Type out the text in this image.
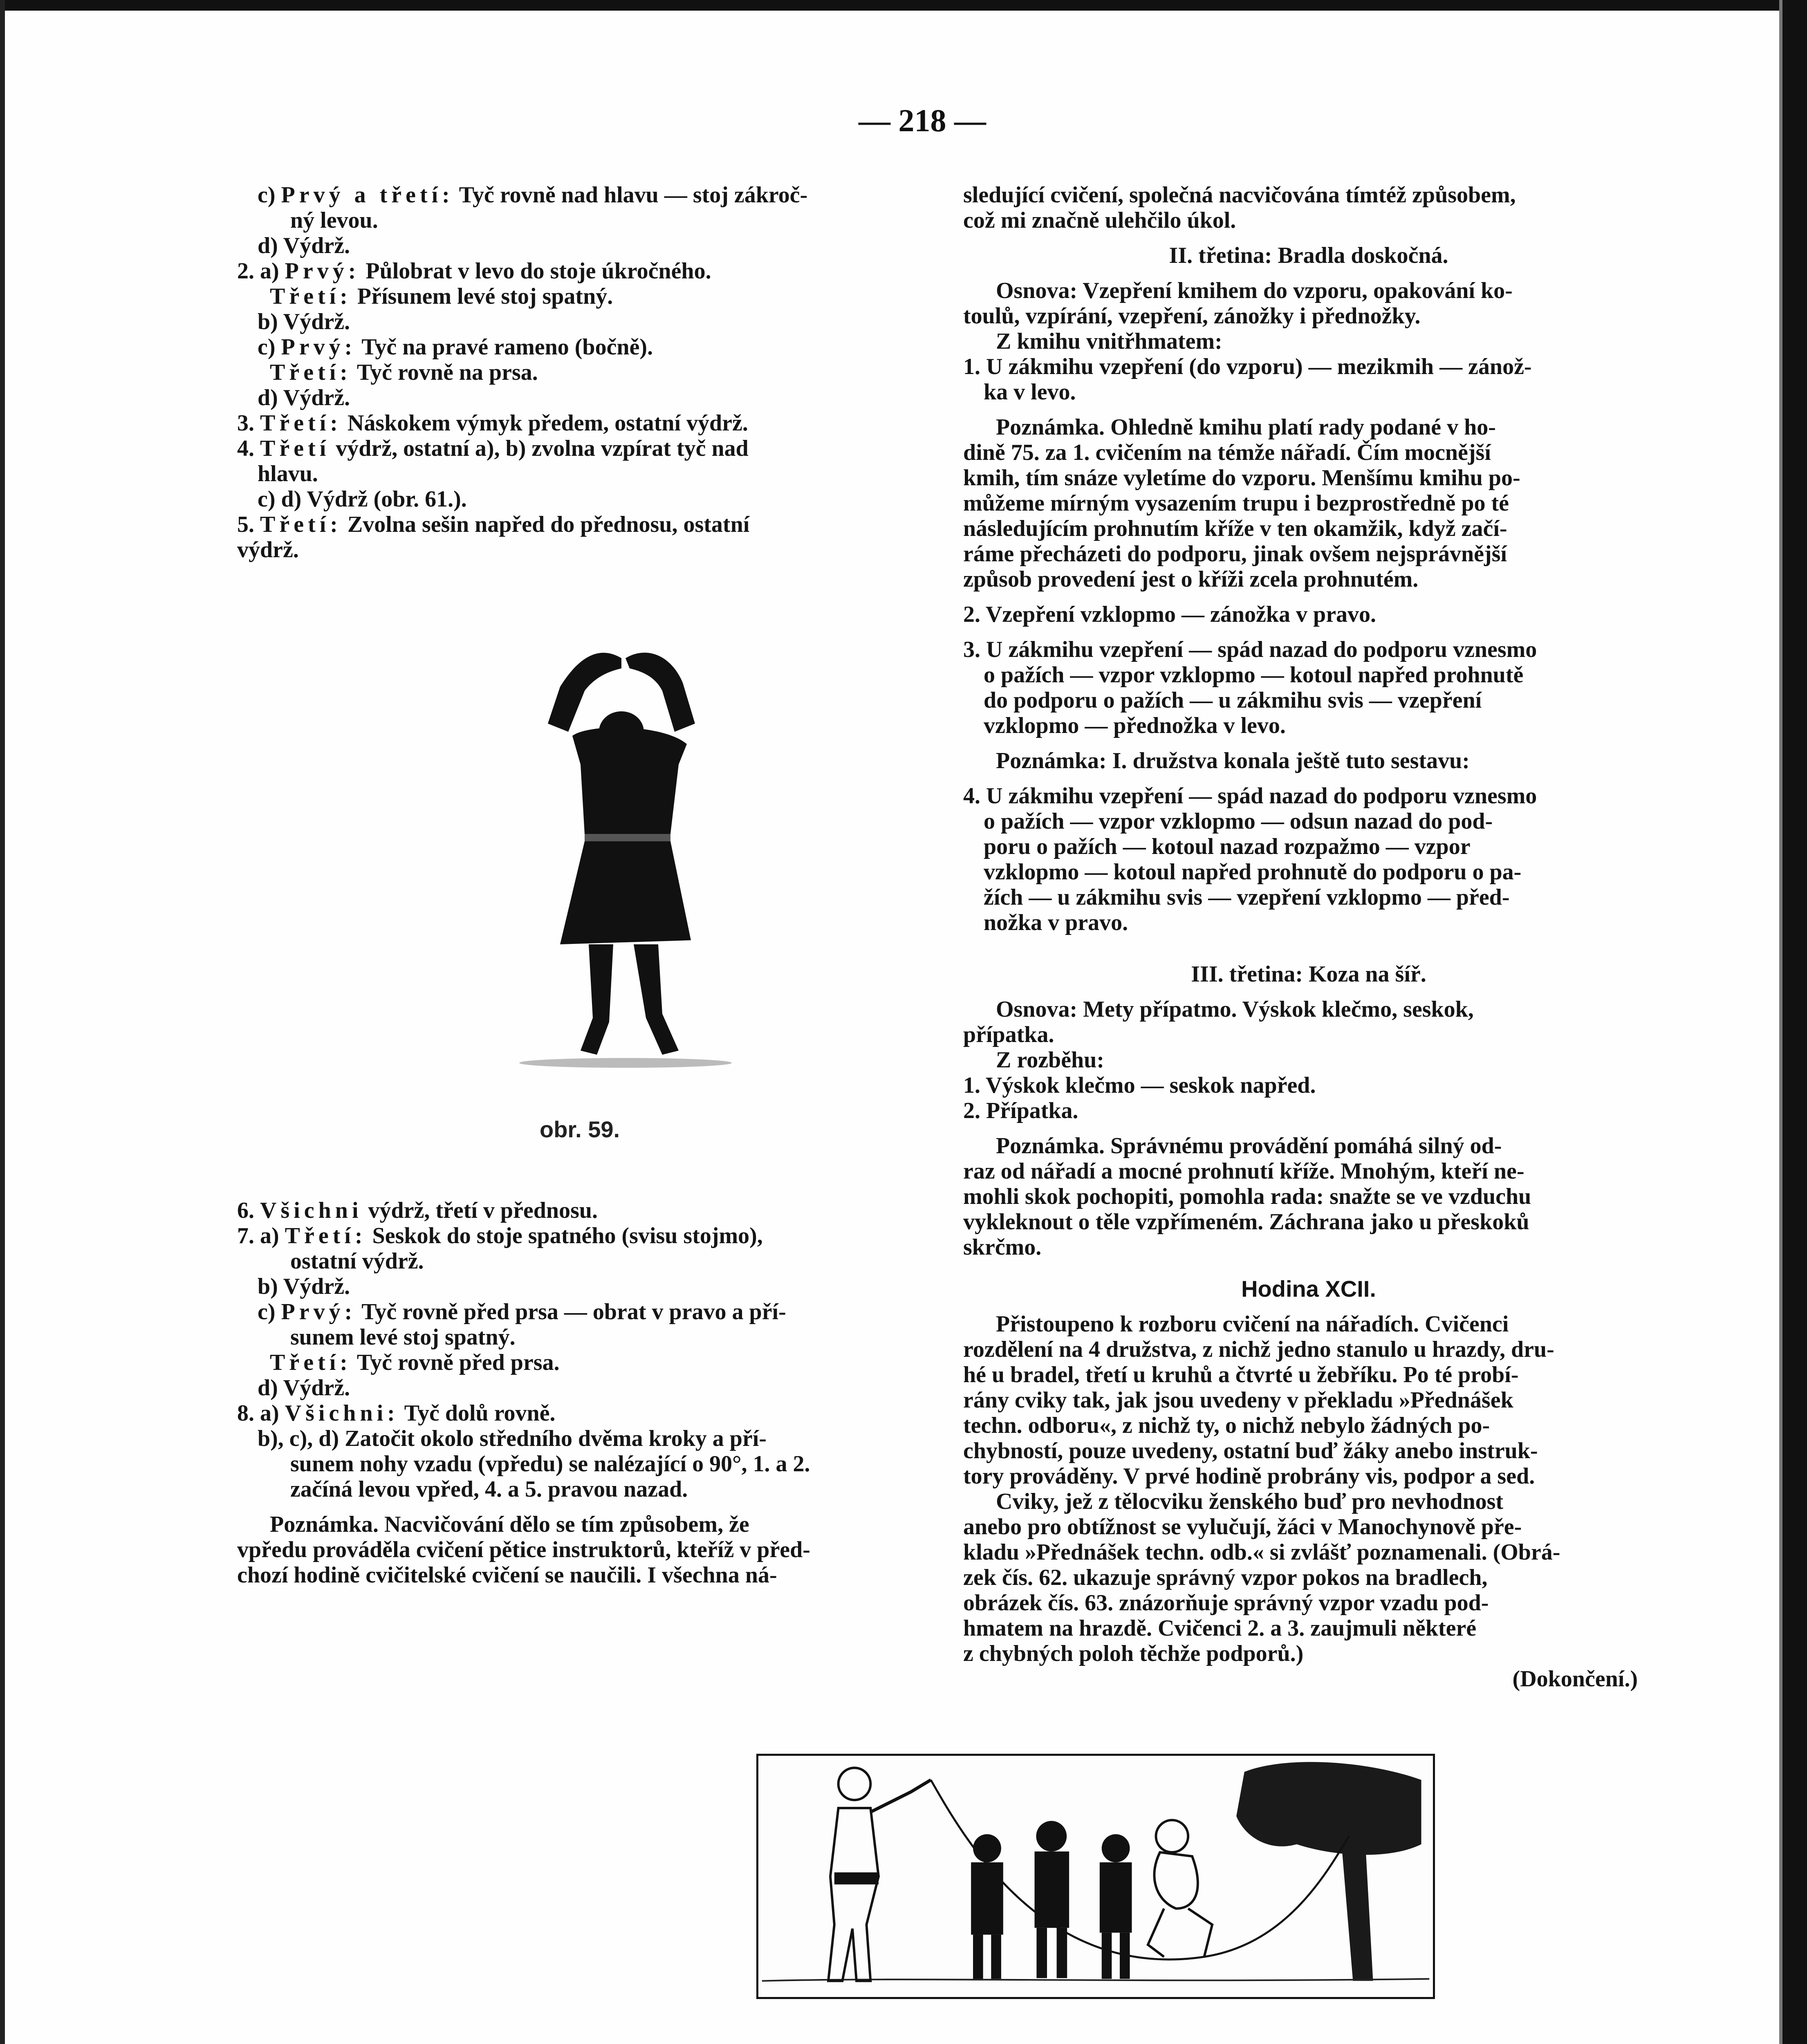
— 218 —
c) Prvý a třetí: Tyč rovně nad hlavu — stoj zákroč-
ný levou.
d) Výdrž.
2. a) Prvý: Půlobrat v levo do stoje úkročného.
Třetí: Přísunem levé stoj spatný.
b) Výdrž.
c) Prvý: Tyč na pravé rameno (bočně).
Třetí: Tyč rovně na prsa.
d) Výdrž.
3. Třetí: Náskokem výmyk předem, ostatní výdrž.
4. Třetí výdrž, ostatní a), b) zvolna vzpírat tyč nad
hlavu.
c) d) Výdrž (obr. 61.).
5. Třetí: Zvolna sešin napřed do přednosu, ostatní
výdrž.
obr. 59.
6. Všichni výdrž, třetí v přednosu.
7. a) Třetí: Seskok do stoje spatného (svisu stojmo),
ostatní výdrž.
b) Výdrž.
c) Prvý: Tyč rovně před prsa — obrat v pravo a pří-
sunem levé stoj spatný.
Třetí: Tyč rovně před prsa.
d) Výdrž.
8. a) Všichni: Tyč dolů rovně.
b), c), d) Zatočit okolo středního dvěma kroky a pří-
sunem nohy vzadu (vpředu) se nalézající o 90°, 1. a 2.
začíná levou vpřed, 4. a 5. pravou nazad.
Poznámka. Nacvičování dělo se tím způsobem, že
vpředu prováděla cvičení pětice instruktorů, kteříž v před-
chozí hodině cvičitelské cvičení se naučili. I všechna ná-
sledující cvičení, společná nacvičována tímtéž způsobem,
což mi značně ulehčilo úkol.
II. třetina: Bradla doskočná.
Osnova: Vzepření kmihem do vzporu, opakování ko-
toulů, vzpírání, vzepření, zánožky i přednožky.
Z kmihu vnitřhmatem:
1. U zákmihu vzepření (do vzporu) — mezikmih — zánož-
ka v levo.
Poznámka. Ohledně kmihu platí rady podané v ho-
dině 75. za 1. cvičením na témže nářadí. Čím mocnější
kmih, tím snáze vyletíme do vzporu. Menšímu kmihu po-
můžeme mírným vysazením trupu i bezprostředně po té
následujícím prohnutím kříže v ten okamžik, když začí-
ráme přecházeti do podporu, jinak ovšem nejsprávnější
způsob provedení jest o kříži zcela prohnutém.
2. Vzepření vzklopmo — zánožka v pravo.
3. U zákmihu vzepření — spád nazad do podporu vznesmo
o pažích — vzpor vzklopmo — kotoul napřed prohnutě
do podporu o pažích — u zákmihu svis — vzepření
vzklopmo — přednožka v levo.
Poznámka: I. družstva konala ještě tuto sestavu:
4. U zákmihu vzepření — spád nazad do podporu vznesmo
o pažích — vzpor vzklopmo — odsun nazad do pod-
poru o pažích — kotoul nazad rozpažmo — vzpor
vzklopmo — kotoul napřed prohnutě do podporu o pa-
žích — u zákmihu svis — vzepření vzklopmo — před-
nožka v pravo.
III. třetina: Koza na šíř.
Osnova: Mety přípatmo. Výskok klečmo, seskok,
přípatka.
Z rozběhu:
1. Výskok klečmo — seskok napřed.
2. Přípatka.
Poznámka. Správnému provádění pomáhá silný od-
raz od nářadí a mocné prohnutí kříže. Mnohým, kteří ne-
mohli skok pochopiti, pomohla rada: snažte se ve vzduchu
vykleknout o těle vzpřímeném. Záchrana jako u přeskoků
skrčmo.
Hodina XCII.
Přistoupeno k rozboru cvičení na nářadích. Cvičenci
rozdělení na 4 družstva, z nichž jedno stanulo u hrazdy, dru-
hé u bradel, třetí u kruhů a čtvrté u žebříku. Po té probí-
rány cviky tak, jak jsou uvedeny v překladu »Přednášek
techn. odboru«, z nichž ty, o nichž nebylo žádných po-
chybností, pouze uvedeny, ostatní buď žáky anebo instruk-
tory prováděny. V prvé hodině probrány vis, podpor a sed.
Cviky, jež z tělocviku ženského buď pro nevhodnost
anebo pro obtížnost se vylučují, žáci v Manochynově pře-
kladu »Přednášek techn. odb.« si zvlášť poznamenali. (Obrá-
zek čís. 62. ukazuje správný vzpor pokos na bradlech,
obrázek čís. 63. znázorňuje správný vzpor vzadu pod-
hmatem na hrazdě. Cvičenci 2. a 3. zaujmuli některé
z chybných poloh těchže podporů.)
(Dokončení.)
